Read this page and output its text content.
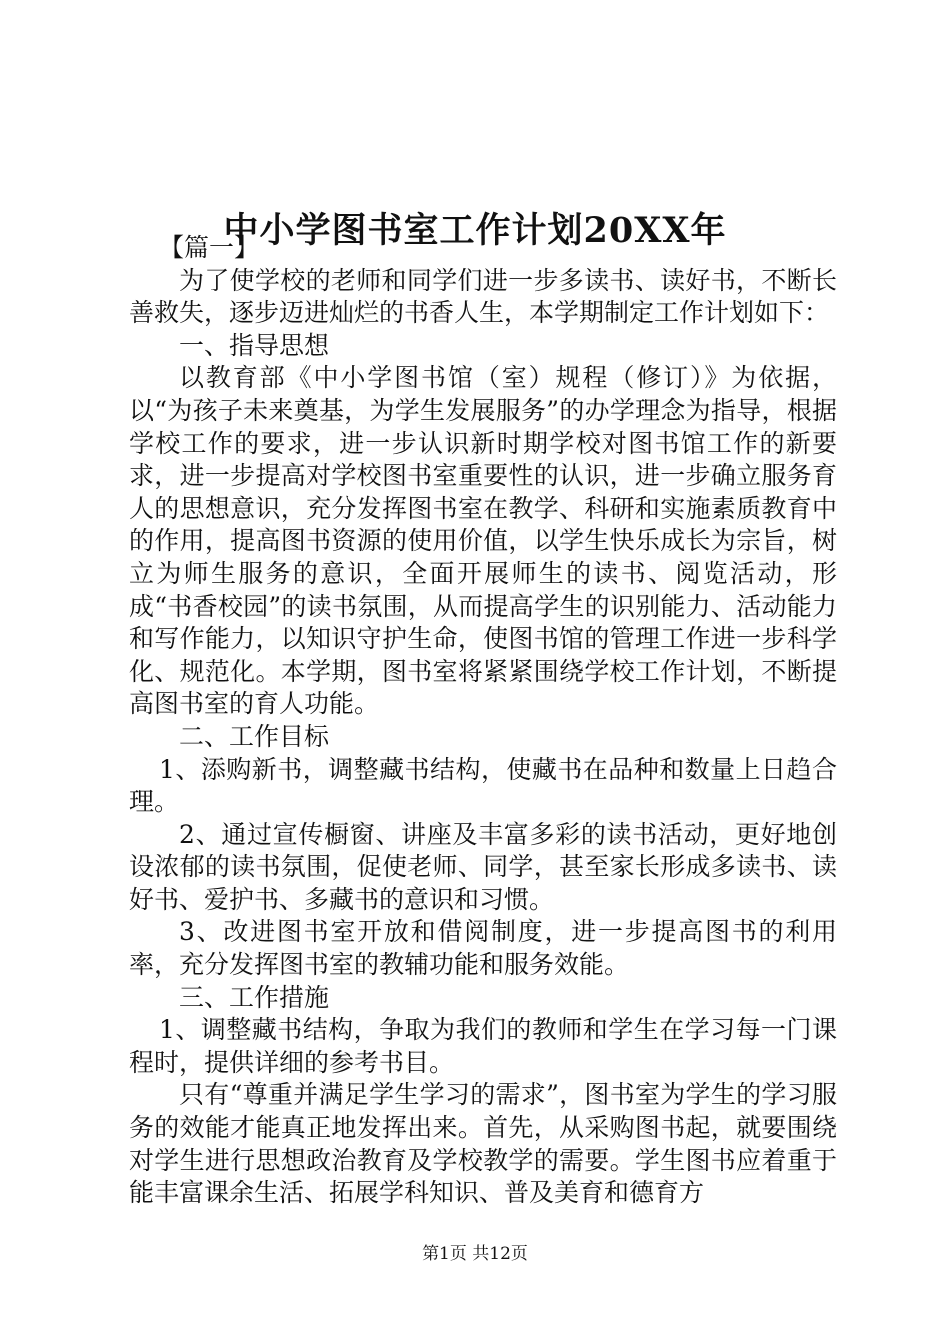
中小学图书室工作计划20XX年

【篇一】

为了使学校的老师和同学们进一步多读书、读好书，不断长善救失，逐步迈进灿烂的书香人生，本学期制定工作计划如下：

一、指导思想

以教育部《中小学图书馆（室）规程（修订）》为依据，以“为孩子未来奠基，为学生发展服务”的办学理念为指导，根据学校工作的要求，进一步认识新时期学校对图书馆工作的新要求，进一步提高对学校图书室重要性的认识，进一步确立服务育人的思想意识，充分发挥图书室在教学、科研和实施素质教育中的作用，提高图书资源的使用价值，以学生快乐成长为宗旨，树立为师生服务的意识，全面开展师生的读书、阅览活动，形成“书香校园”的读书氛围，从而提高学生的识别能力、活动能力和写作能力，以知识守护生命，使图书馆的管理工作进一步科学化、规范化。本学期，图书室将紧紧围绕学校工作计划，不断提高图书室的育人功能。

二、工作目标

1、添购新书，调整藏书结构，使藏书在品种和数量上日趋合理。

2、通过宣传橱窗、讲座及丰富多彩的读书活动，更好地创设浓郁的读书氛围，促使老师、同学，甚至家长形成多读书、读好书、爱护书、多藏书的意识和习惯。

3、改进图书室开放和借阅制度，进一步提高图书的利用率，充分发挥图书室的教辅功能和服务效能。

三、工作措施

1、调整藏书结构，争取为我们的教师和学生在学习每一门课程时，提供详细的参考书目。

只有“尊重并满足学生学习的需求”，图书室为学生的学习服务的效能才能真正地发挥出来。首先，从采购图书起，就要围绕对学生进行思想政治教育及学校教学的需要。学生图书应着重于能丰富课余生活、拓展学科知识、普及美育和德育方

第1页 共12页
